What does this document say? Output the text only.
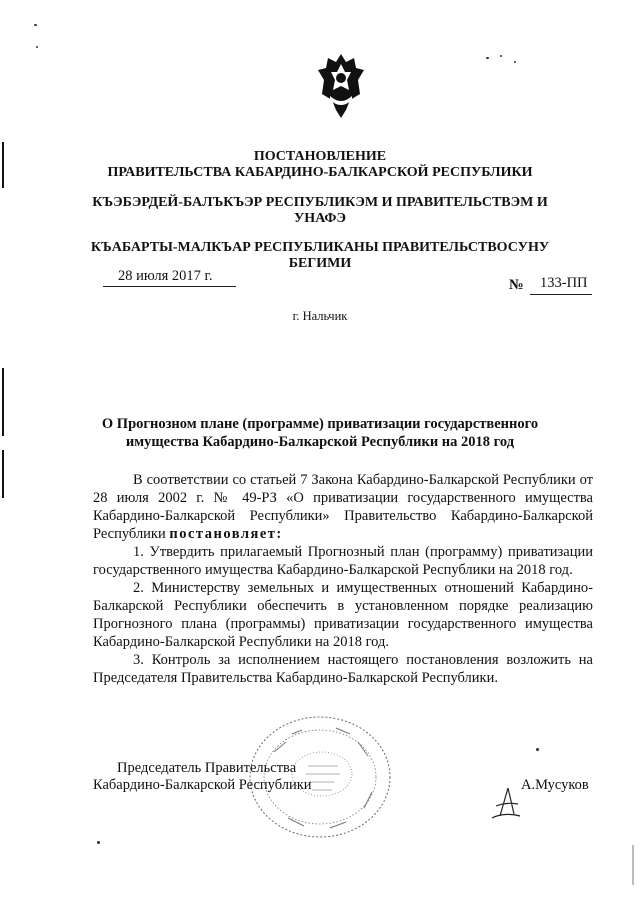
ПОСТАНОВЛЕНИЕ
ПРАВИТЕЛЬСТВА КАБАРДИНО-БАЛКАРСКОЙ РЕСПУБЛИКИ
КЪЭБЭРДЕЙ-БАЛЪКЪЭР РЕСПУБЛИКЭМ И ПРАВИТЕЛЬСТВЭМ И
УНАФЭ
КЪАБАРТЫ-МАЛКЪАР РЕСПУБЛИКАНЫ ПРАВИТЕЛЬСТВОСУНУ
БЕГИМИ
28 июля 2017 г.
№ 133-ПП
г. Нальчик
О Прогнозном плане (программе) приватизации государственного
имущества Кабардино-Балкарской Республики на 2018 год

В соответствии со статьей 7 Закона Кабардино-Балкарской Республики от 28 июля 2002 г. № 49-РЗ «О приватизации государственного имущества Кабардино-Балкарской Республики» Правительство Кабардино-Балкарской Республики постановляет:

1. Утвердить прилагаемый Прогнозный план (программу) приватизации государственного имущества Кабардино-Балкарской Республики на 2018 год.

2. Министерству земельных и имущественных отношений Кабардино-Балкарской Республики обеспечить в установленном порядке реализацию Прогнозного плана (программы) приватизации государственного имущества Кабардино-Балкарской Республики на 2018 год.

3. Контроль за исполнением настоящего постановления возложить на Председателя Правительства Кабардино-Балкарской Республики.

Председатель Правительства
Кабардино-Балкарской Республики	А.Мусуков
